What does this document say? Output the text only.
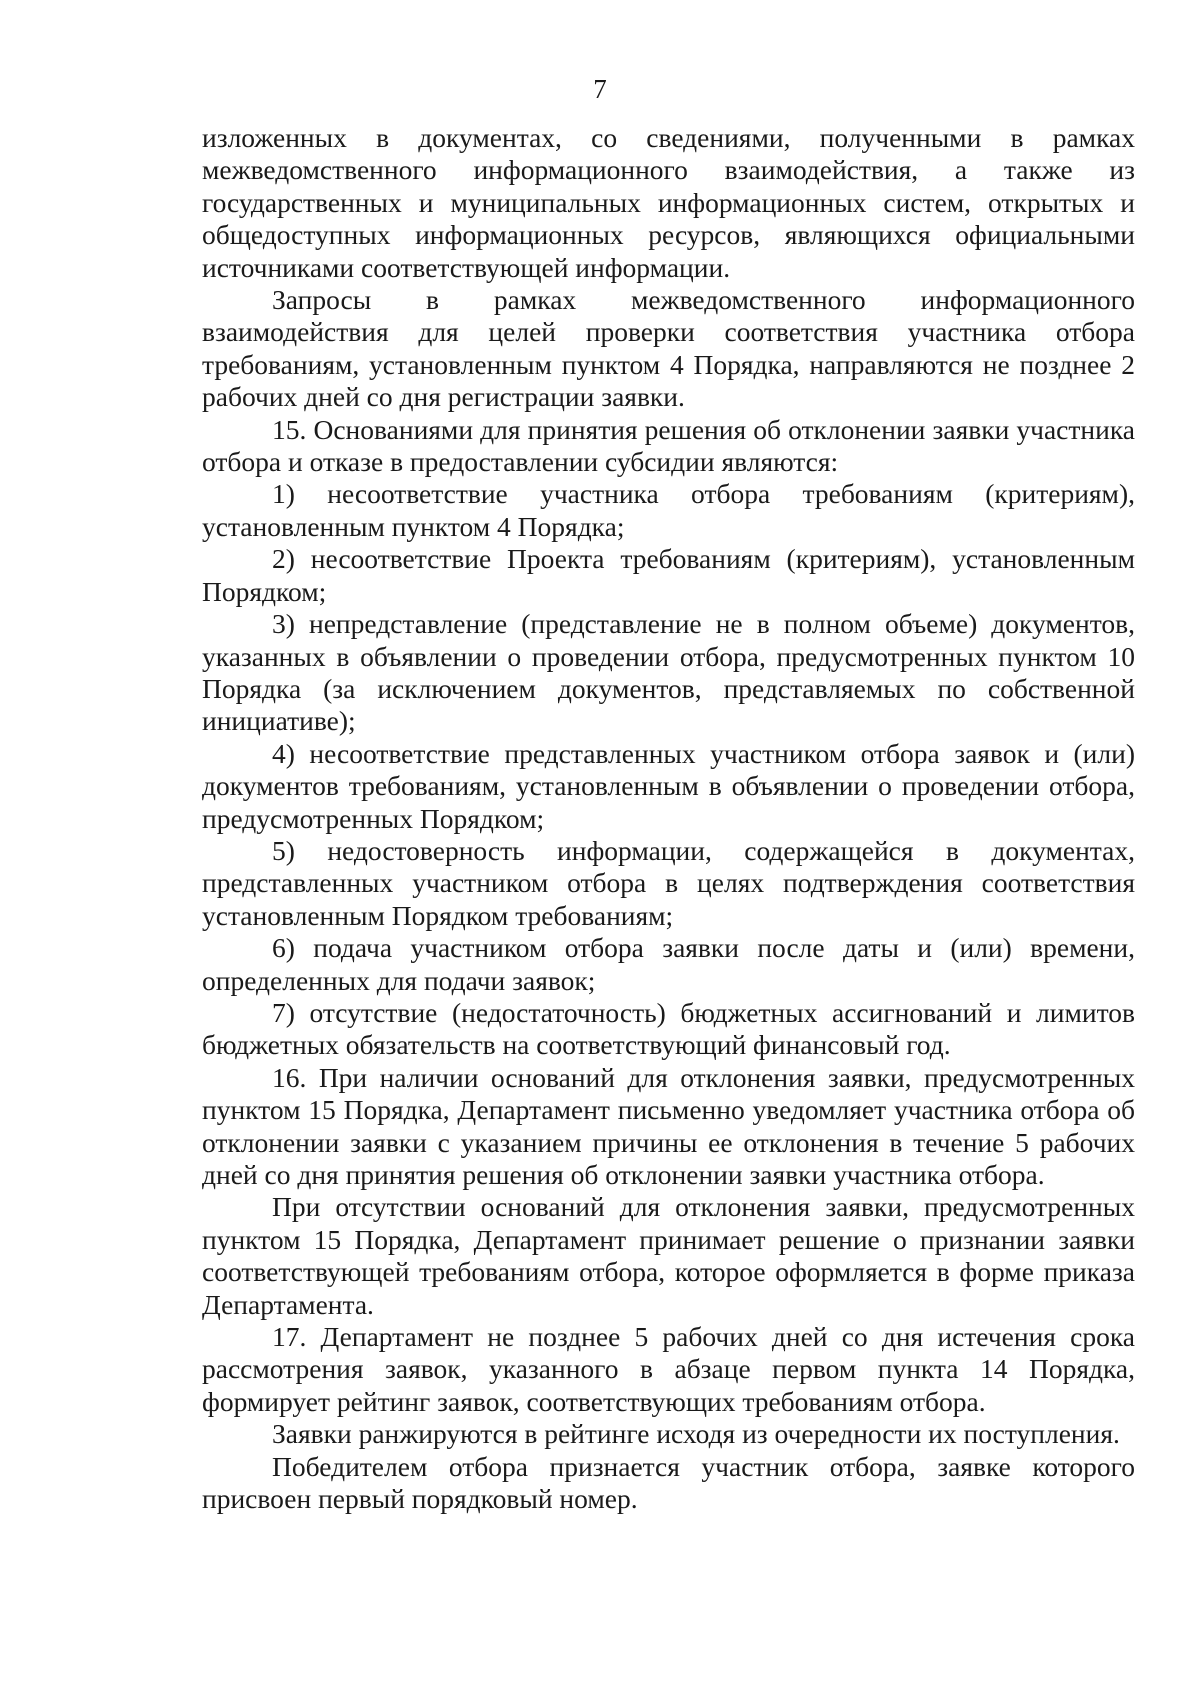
7

изложенных в документах, со сведениями, полученными в рамках межведомственного информационного взаимодействия, а также из государственных и муниципальных информационных систем, открытых и общедоступных информационных ресурсов, являющихся официальными источниками соответствующей информации.

Запросы в рамках межведомственного информационного взаимодействия для целей проверки соответствия участника отбора требованиям, установленным пунктом 4 Порядка, направляются не позднее 2 рабочих дней со дня регистрации заявки.

15. Основаниями для принятия решения об отклонении заявки участника отбора и отказе в предоставлении субсидии являются:

1) несоответствие участника отбора требованиям (критериям), установленным пунктом 4 Порядка;

2) несоответствие Проекта требованиям (критериям), установленным Порядком;

3) непредставление (представление не в полном объеме) документов, указанных в объявлении о проведении отбора, предусмотренных пунктом 10 Порядка (за исключением документов, представляемых по собственной инициативе);

4) несоответствие представленных участником отбора заявок и (или) документов требованиям, установленным в объявлении о проведении отбора, предусмотренных Порядком;

5) недостоверность информации, содержащейся в документах, представленных участником отбора в целях подтверждения соответствия установленным Порядком требованиям;

6) подача участником отбора заявки после даты и (или) времени, определенных для подачи заявок;

7) отсутствие (недостаточность) бюджетных ассигнований и лимитов бюджетных обязательств на соответствующий финансовый год.

16. При наличии оснований для отклонения заявки, предусмотренных пунктом 15 Порядка, Департамент письменно уведомляет участника отбора об отклонении заявки с указанием причины ее отклонения в течение 5 рабочих дней со дня принятия решения об отклонении заявки участника отбора.

При отсутствии оснований для отклонения заявки, предусмотренных пунктом 15 Порядка, Департамент принимает решение о признании заявки соответствующей требованиям отбора, которое оформляется в форме приказа Департамента.

17. Департамент не позднее 5 рабочих дней со дня истечения срока рассмотрения заявок, указанного в абзаце первом пункта 14 Порядка, формирует рейтинг заявок, соответствующих требованиям отбора.

Заявки ранжируются в рейтинге исходя из очередности их поступления.

Победителем отбора признается участник отбора, заявке которого присвоен первый порядковый номер.
